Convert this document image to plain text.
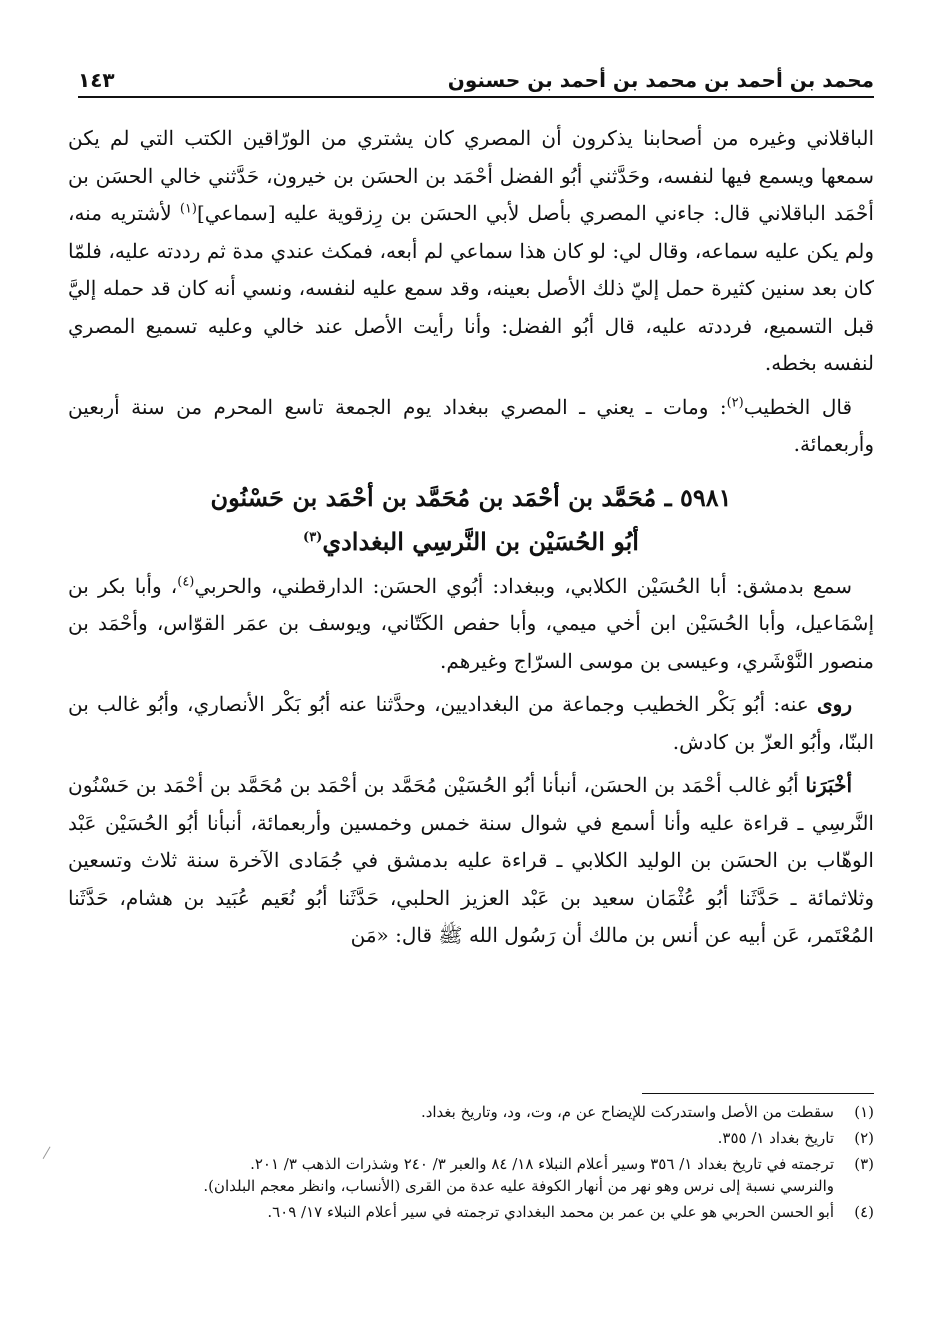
محمد بن أحمد بن محمد بن أحمد بن حسنون
١٤٣

الباقلاني وغيره من أصحابنا يذكرون أن المصري كان يشتري من الورّاقين الكتب التي لم يكن سمعها ويسمع فيها لنفسه، وحَدَّثني أبُو الفضل أحْمَد بن الحسَن بن خيرون، حَدَّثني خالي الحسَن بن أحْمَد الباقلاني قال: جاءني المصري بأصل لأبي الحسَن بن رِزقوية عليه [سماعي]$^{(١)}$ لأشتريه منه، ولم يكن عليه سماعه، وقال لي: لو كان هذا سماعي لم أبعه، فمكث عندي مدة ثم رددته عليه، فلمّا كان بعد سنين كثيرة حمل إليّ ذلك الأصل بعينه، وقد سمع عليه لنفسه، ونسي أنه كان قد حمله إليَّ قبل التسميع، فرددته عليه، قال أبُو الفضل: وأنا رأيت الأصل عند خالي وعليه تسميع المصري لنفسه بخطه.

قال الخطيب$^{(٢)}$: ومات ـ يعني ـ المصري ببغداد يوم الجمعة تاسع المحرم من سنة أربعين وأربعمائة.

٥٩٨١ ـ مُحَمَّد بن أحْمَد بن مُحَمَّد بن أحْمَد بن حَسْنُون
أبُو الحُسَيْن بن النَّرسِي البغدادي$^{(٣)}$

سمع بدمشق: أبا الحُسَيْن الكلابي، وببغداد: أبُوي الحسَن: الدارقطني، والحربي$^{(٤)}$، وأبا بكر بن إسْمَاعيل، وأبا الحُسَيْن ابن أخي ميمي، وأبا حفص الكَتّاني، ويوسف بن عمَر القوّاس، وأحْمَد بن منصور النَّوْشَري، وعيسى بن موسى السرّاج وغيرهم.

روى عنه: أبُو بَكْر الخطيب وجماعة من البغداديين، وحدَّثنا عنه أبُو بَكْر الأنصاري، وأبُو غالب بن البنّا، وأبُو العزّ بن كادش.

أخْبَرَنا أبُو غالب أحْمَد بن الحسَن، أنبأنا أبُو الحُسَيْن مُحَمَّد بن أحْمَد بن مُحَمَّد بن أحْمَد بن حَسْنُون النَّرسِي ـ قراءة عليه وأنا أسمع في شوال سنة خمس وخمسين وأربعمائة، أنبأنا أبُو الحُسَيْن عَبْد الوهّاب بن الحسَن بن الوليد الكلابي ـ قراءة عليه بدمشق في جُمَادى الآخرة سنة ثلاث وتسعين وثلاثمائة ـ حَدَّثَنا أبُو عُثْمَان سعيد بن عَبْد العزيز الحلبي، حَدَّثَنا أبُو نُعَيم عُبَيد بن هشام، حَدَّثَنا المُعْتَمر، عَن أبيه عن أنس بن مالك أن رَسُول الله ﷺ قال: «مَن

(١)
سقطت من الأصل واستدركت للإيضاح عن م، وت، ود، وتاريخ بغداد.
(٢)
تاريخ بغداد ١/ ٣٥٥.
(٣)
ترجمته في تاريخ بغداد ١/ ٣٥٦ وسير أعلام النبلاء ١٨/ ٨٤ والعبر ٣/ ٢٤٠ وشذرات الذهب ٣/ ٢٠١.
والنرسي نسبة إلى نرس وهو نهر من أنهار الكوفة عليه عدة من القرى (الأنساب، وانظر معجم البلدان).
(٤)
أبو الحسن الحربي هو علي بن عمر بن محمد البغدادي ترجمته في سير أعلام النبلاء ١٧/ ٦٠٩.
